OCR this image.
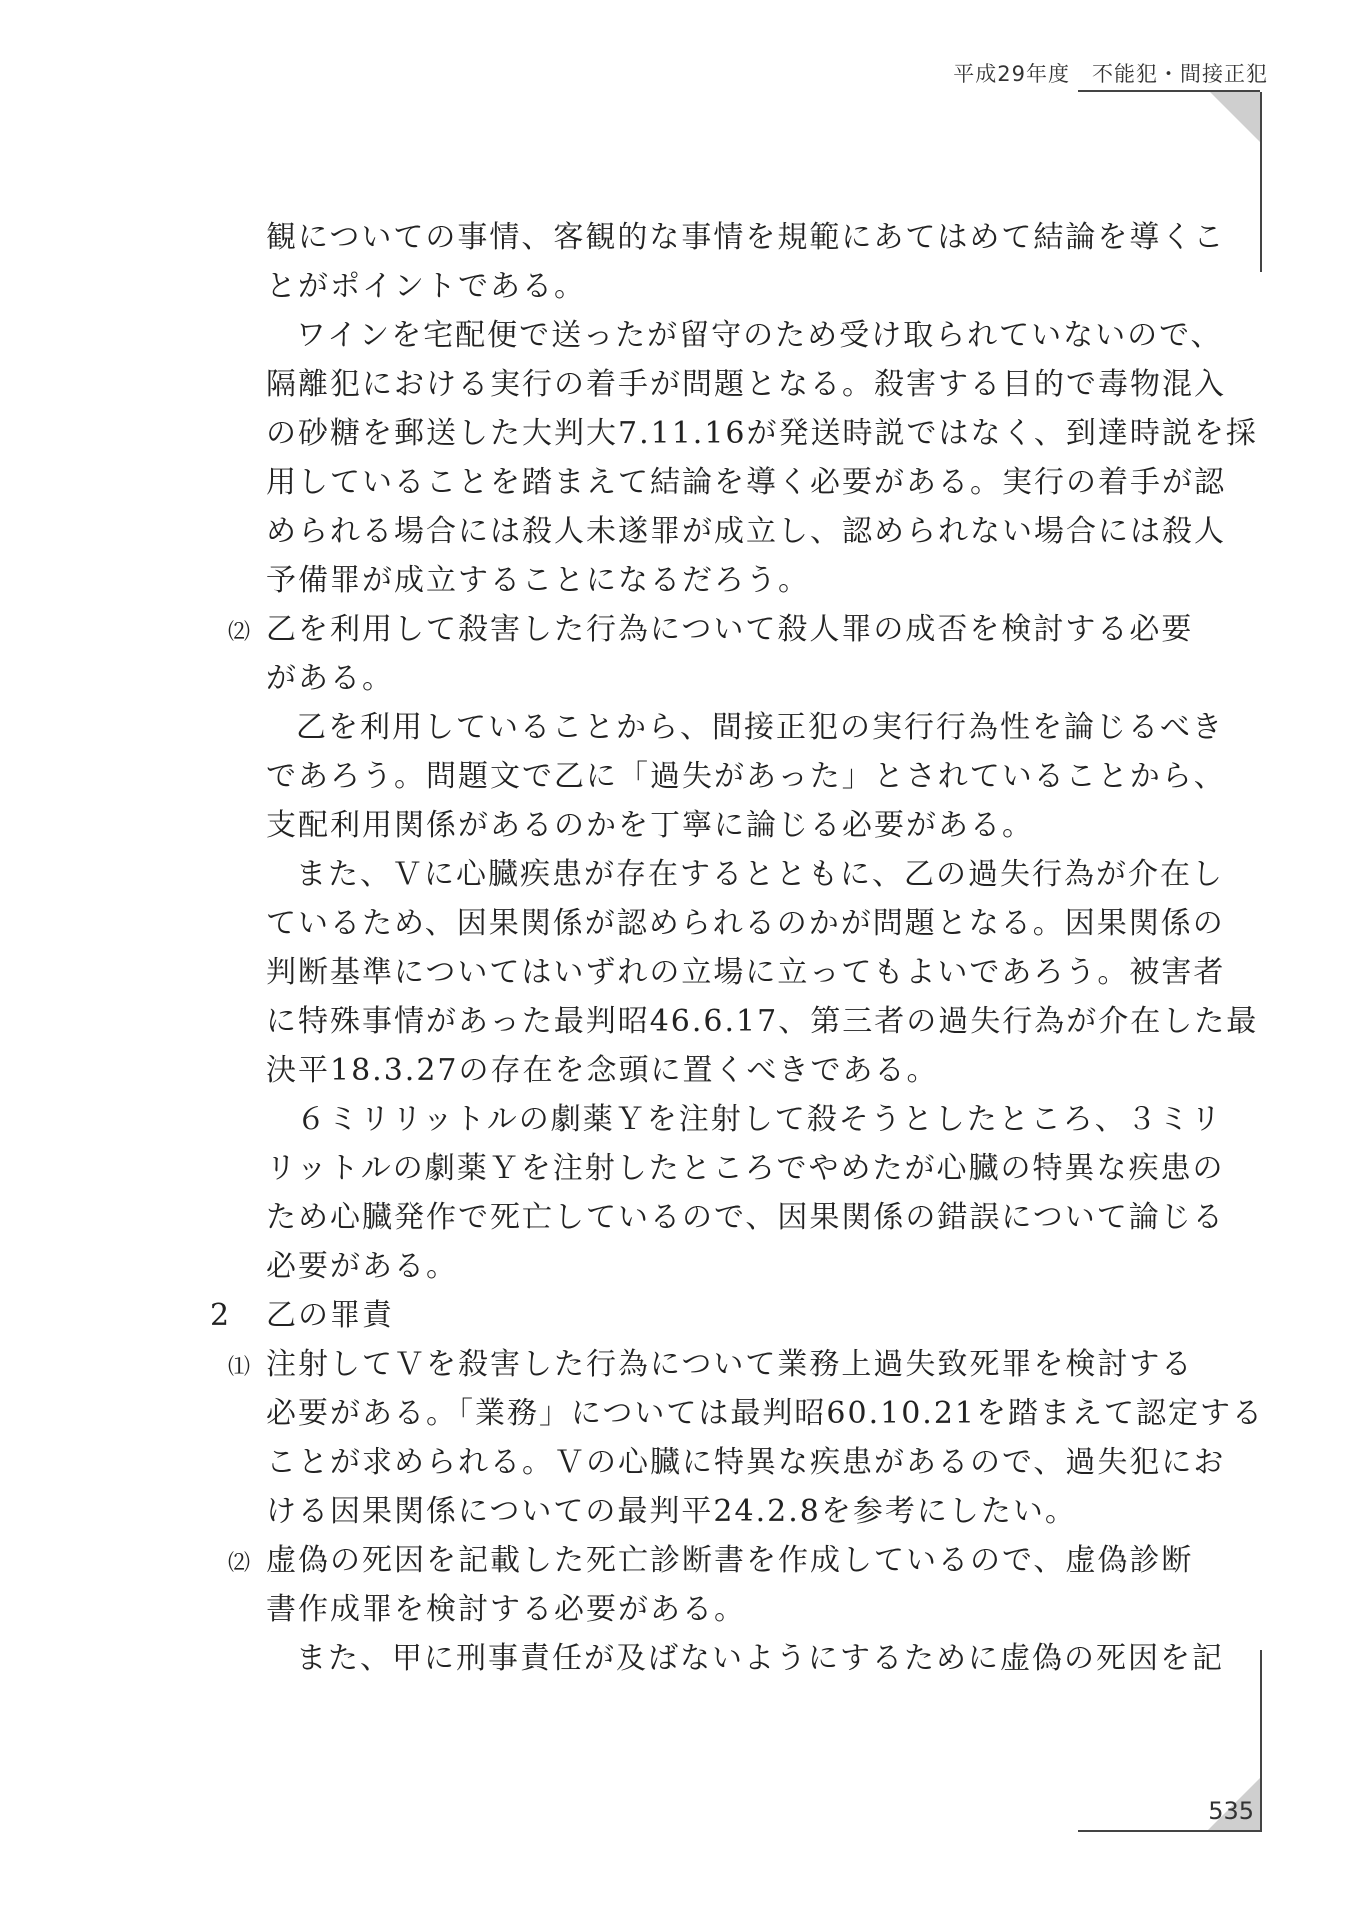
平成29年度 不能犯・間接正犯
観についての事情、客観的な事情を規範にあてはめて結論を導くこ
とがポイントである。
ワインを宅配便で送ったが留守のため受け取られていないので、
隔離犯における実行の着手が問題となる。殺害する目的で毒物混入
の砂糖を郵送した大判大7.11.16が発送時説ではなく、到達時説を採
用していることを踏まえて結論を導く必要がある。実行の着手が認
められる場合には殺人未遂罪が成立し、認められない場合には殺人
予備罪が成立することになるだろう。
⑵ 乙を利用して殺害した行為について殺人罪の成否を検討する必要
がある。
乙を利用していることから、間接正犯の実行行為性を論じるべき
であろう。問題文で乙に「過失があった」とされていることから、
支配利用関係があるのかを丁寧に論じる必要がある。
また、Ｖに心臓疾患が存在するとともに、乙の過失行為が介在し
ているため、因果関係が認められるのかが問題となる。因果関係の
判断基準についてはいずれの立場に立ってもよいであろう。被害者
に特殊事情があった最判昭46.6.17、第三者の過失行為が介在した最
決平18.3.27の存在を念頭に置くべきである。
６ミリリットルの劇薬Ｙを注射して殺そうとしたところ、３ミリ
リットルの劇薬Ｙを注射したところでやめたが心臓の特異な疾患の
ため心臓発作で死亡しているので、因果関係の錯誤について論じる
必要がある。
2 乙の罪責
⑴ 注射してＶを殺害した行為について業務上過失致死罪を検討する
必要がある。「業務」については最判昭60.10.21を踏まえて認定する
ことが求められる。Ｖの心臓に特異な疾患があるので、過失犯にお
ける因果関係についての最判平24.2.8を参考にしたい。
⑵ 虚偽の死因を記載した死亡診断書を作成しているので、虚偽診断
書作成罪を検討する必要がある。
また、甲に刑事責任が及ばないようにするために虚偽の死因を記
535
